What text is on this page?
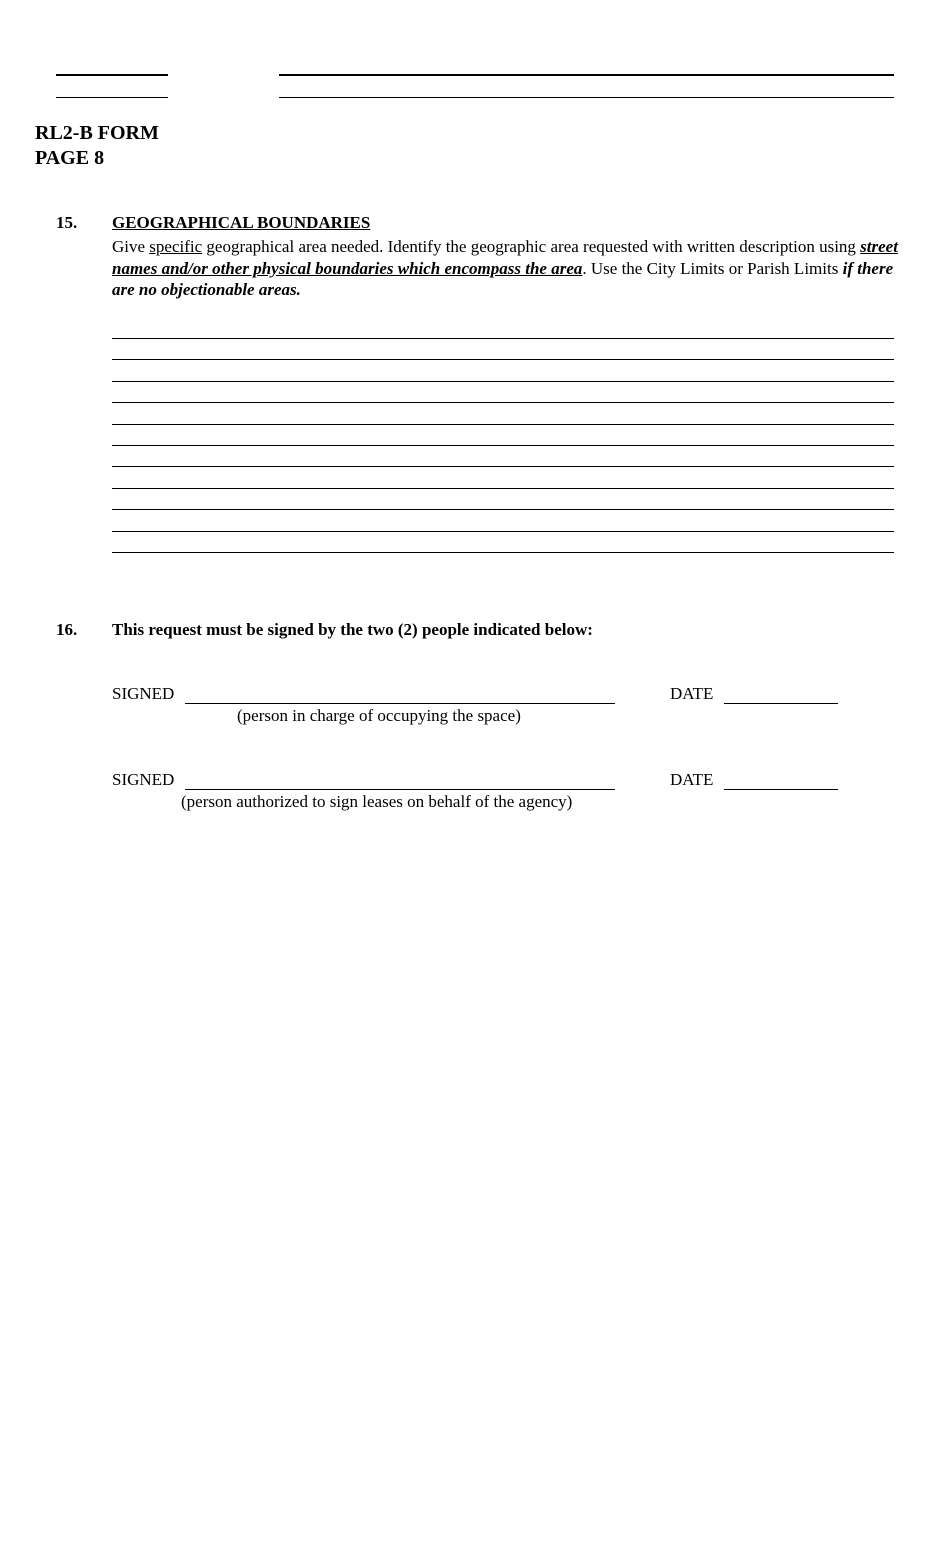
RL2-B FORM
PAGE 8
15. GEOGRAPHICAL BOUNDARIES
Give specific geographical area needed. Identify the geographic area requested with written description using street names and/or other physical boundaries which encompass the area. Use the City Limits or Parish Limits if there are no objectionable areas.
16. This request must be signed by the two (2) people indicated below:
SIGNED	DATE
(person in charge of occupying the space)
SIGNED	DATE
(person authorized to sign leases on behalf of the agency)
